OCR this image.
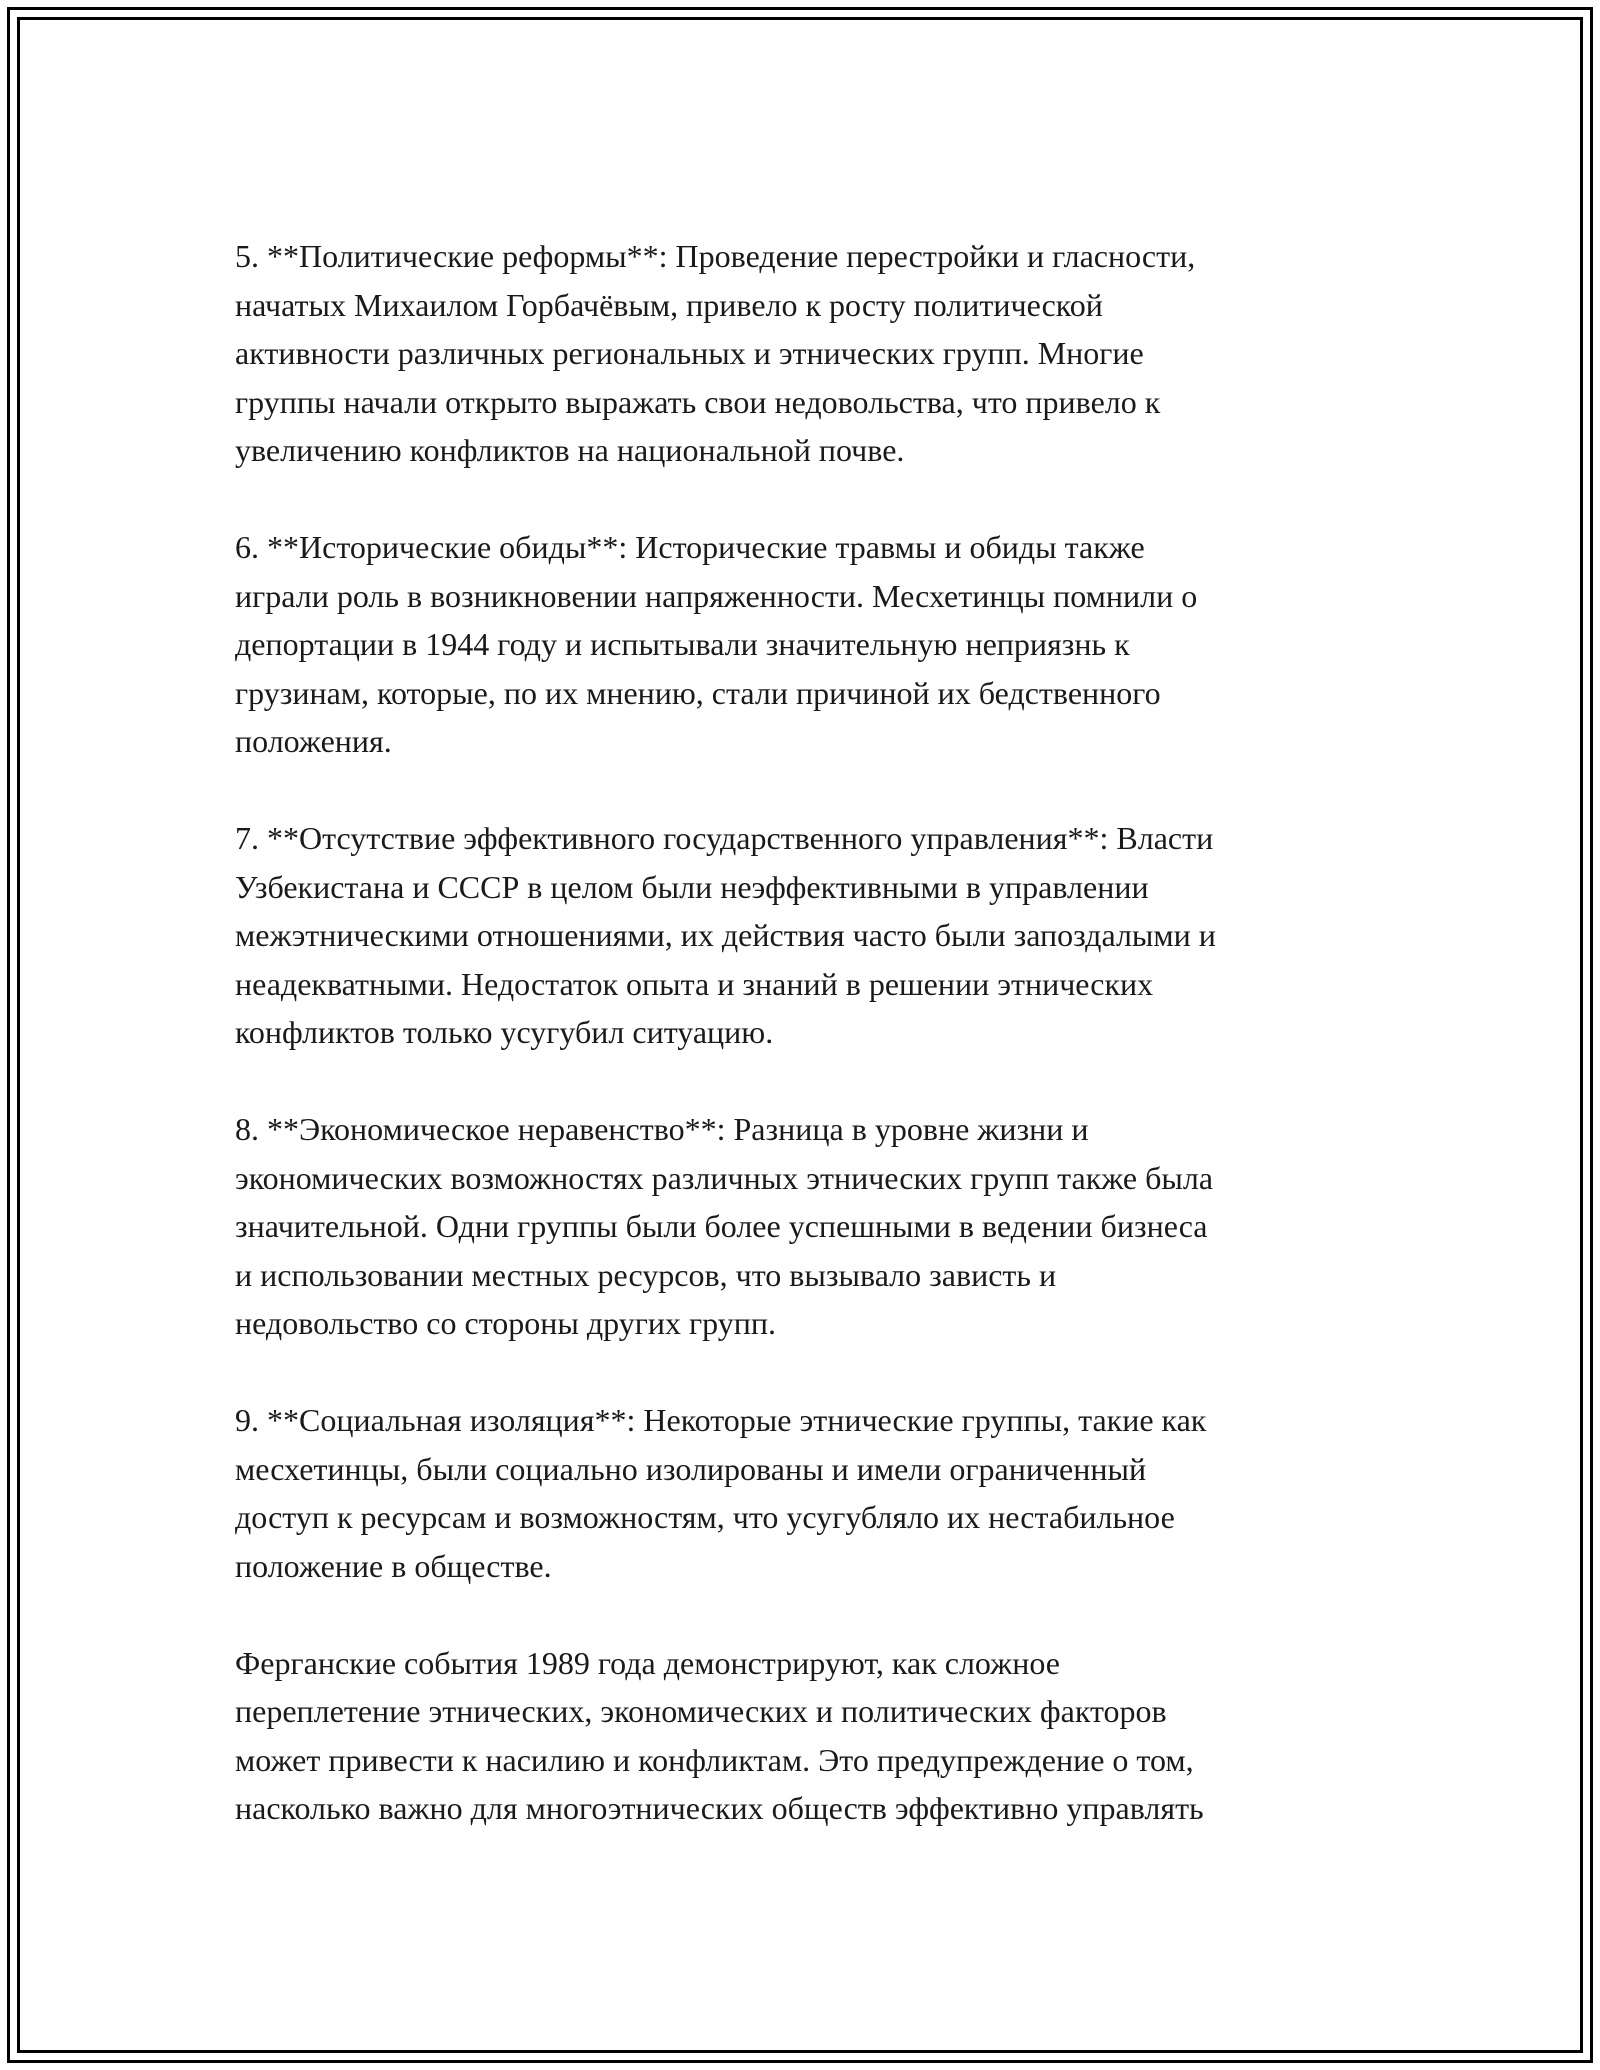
5. **Политические реформы**: Проведение перестройки и гласности,
начатых Михаилом Горбачёвым, привело к росту политической
активности различных региональных и этнических групп. Многие
группы начали открыто выражать свои недовольства, что привело к
увеличению конфликтов на национальной почве.

6. **Исторические обиды**: Исторические травмы и обиды также
играли роль в возникновении напряженности. Месхетинцы помнили о
депортации в 1944 году и испытывали значительную неприязнь к
грузинам, которые, по их мнению, стали причиной их бедственного
положения.

7. **Отсутствие эффективного государственного управления**: Власти
Узбекистана и СССР в целом были неэффективными в управлении
межэтническими отношениями, их действия часто были запоздалыми и
неадекватными. Недостаток опыта и знаний в решении этнических
конфликтов только усугубил ситуацию.

8. **Экономическое неравенство**: Разница в уровне жизни и
экономических возможностях различных этнических групп также была
значительной. Одни группы были более успешными в ведении бизнеса
и использовании местных ресурсов, что вызывало зависть и
недовольство со стороны других групп.

9. **Социальная изоляция**: Некоторые этнические группы, такие как
месхетинцы, были социально изолированы и имели ограниченный
доступ к ресурсам и возможностям, что усугубляло их нестабильное
положение в обществе.

Ферганские события 1989 года демонстрируют, как сложное
переплетение этнических, экономических и политических факторов
может привести к насилию и конфликтам. Это предупреждение о том,
насколько важно для многоэтнических обществ эффективно управлять
